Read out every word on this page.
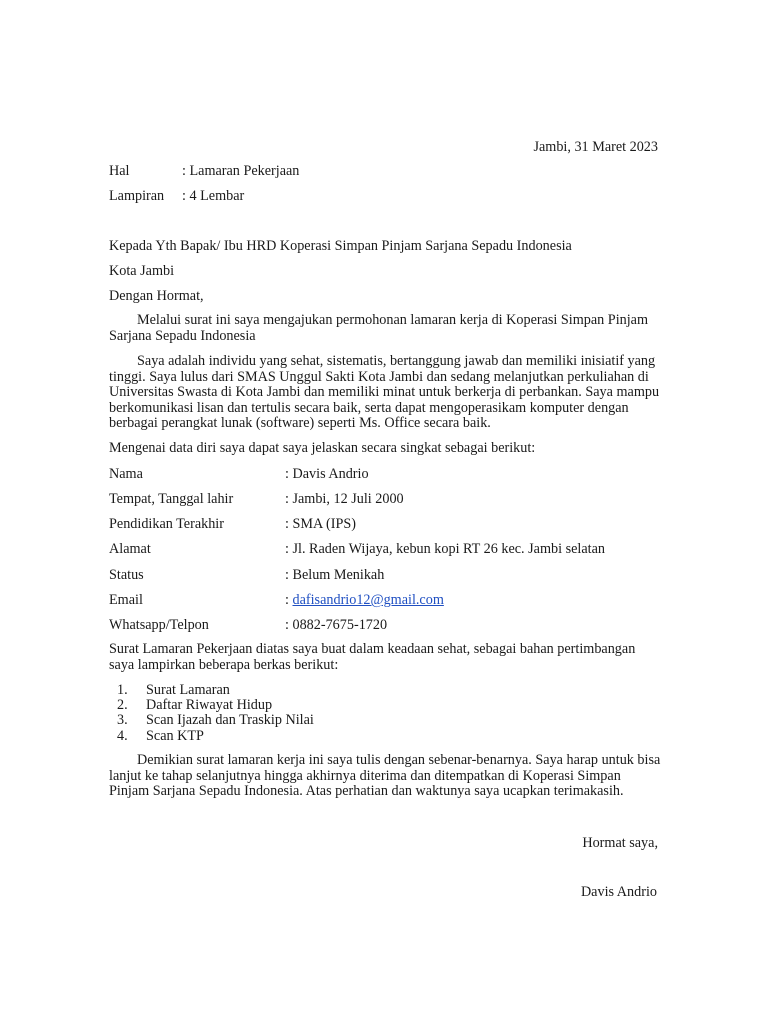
Jambi, 31 Maret 2023
Hal	: Lamaran Pekerjaan
Lampiran : 4 Lembar
Kepada Yth Bapak/ Ibu HRD Koperasi Simpan Pinjam Sarjana Sepadu Indonesia
Kota Jambi
Dengan Hormat,
Melalui surat ini saya mengajukan permohonan lamaran kerja di Koperasi Simpan Pinjam Sarjana Sepadu Indonesia
Saya adalah individu yang sehat, sistematis, bertanggung jawab dan memiliki inisiatif yang tinggi. Saya lulus dari SMAS Unggul Sakti Kota Jambi dan sedang melanjutkan perkuliahan di Universitas Swasta di Kota Jambi dan memiliki minat untuk berkerja di perbankan. Saya mampu berkomunikasi lisan dan tertulis secara baik, serta dapat mengoperasikam komputer dengan berbagai perangkat lunak (software) seperti Ms. Office secara baik.
Mengenai data diri saya dapat saya jelaskan secara singkat sebagai berikut:
Nama	: Davis Andrio
Tempat, Tanggal lahir	: Jambi, 12 Juli 2000
Pendidikan Terakhir	: SMA (IPS)
Alamat	: Jl. Raden Wijaya, kebun kopi RT 26 kec. Jambi selatan
Status	: Belum Menikah
Email	: dafisandrio12@gmail.com
Whatsapp/Telpon	: 0882-7675-1720
Surat Lamaran Pekerjaan diatas saya buat dalam keadaan sehat, sebagai bahan pertimbangan saya lampirkan beberapa berkas berikut:
1. Surat Lamaran
2. Daftar Riwayat Hidup
3. Scan Ijazah dan Traskip Nilai
4. Scan KTP
Demikian surat lamaran kerja ini saya tulis dengan sebenar-benarnya. Saya harap untuk bisa lanjut ke tahap selanjutnya hingga akhirnya diterima dan ditempatkan di Koperasi Simpan Pinjam Sarjana Sepadu Indonesia. Atas perhatian dan waktunya saya ucapkan terimakasih.
Hormat saya,
Davis Andrio
